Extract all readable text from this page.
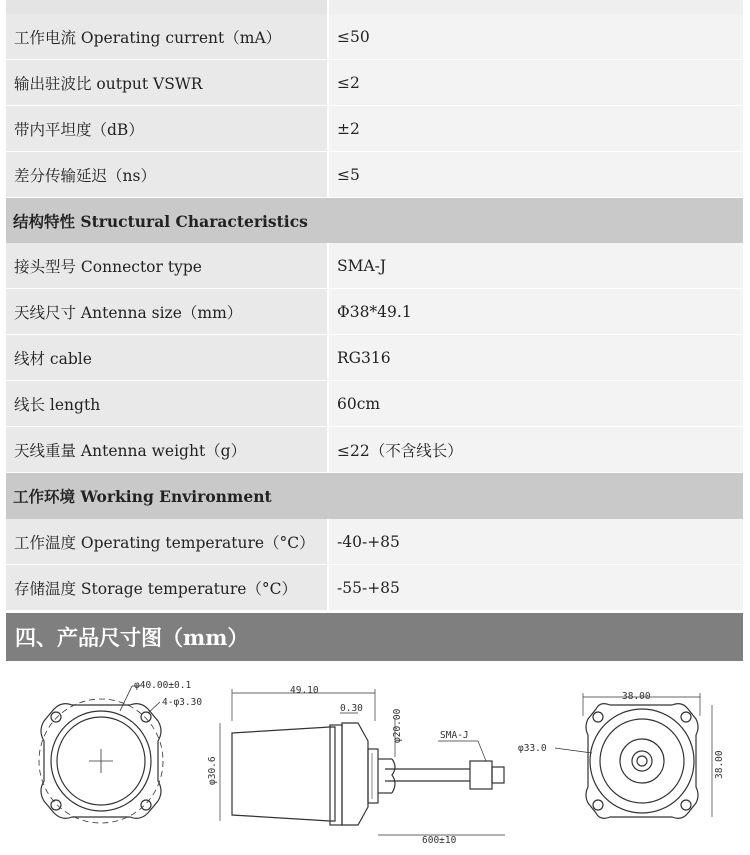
工作电流 Operating current（mA）	≤50
输出驻波比 output VSWR	≤2
带内平坦度（dB）	±2
差分传输延迟（ns）	≤5
结构特性 Structural Characteristics
接头型号 Connector type	SMA-J
天线尺寸 Antenna size（mm）	Φ38*49.1
线材 cable	RG316
线长 length	60cm
天线重量 Antenna weight（g）	≤22（不含线长）
工作环境 Working Environment
工作温度 Operating temperature（°C）	-40-+85
存储温度 Storage temperature（°C）	-55-+85
四、产品尺寸图（mm）
φ40.00±0.1
4-φ3.30
49.10
0.30
φ20.00
φ30.6
SMA-J
600±10
38.00
38.00
φ33.0
